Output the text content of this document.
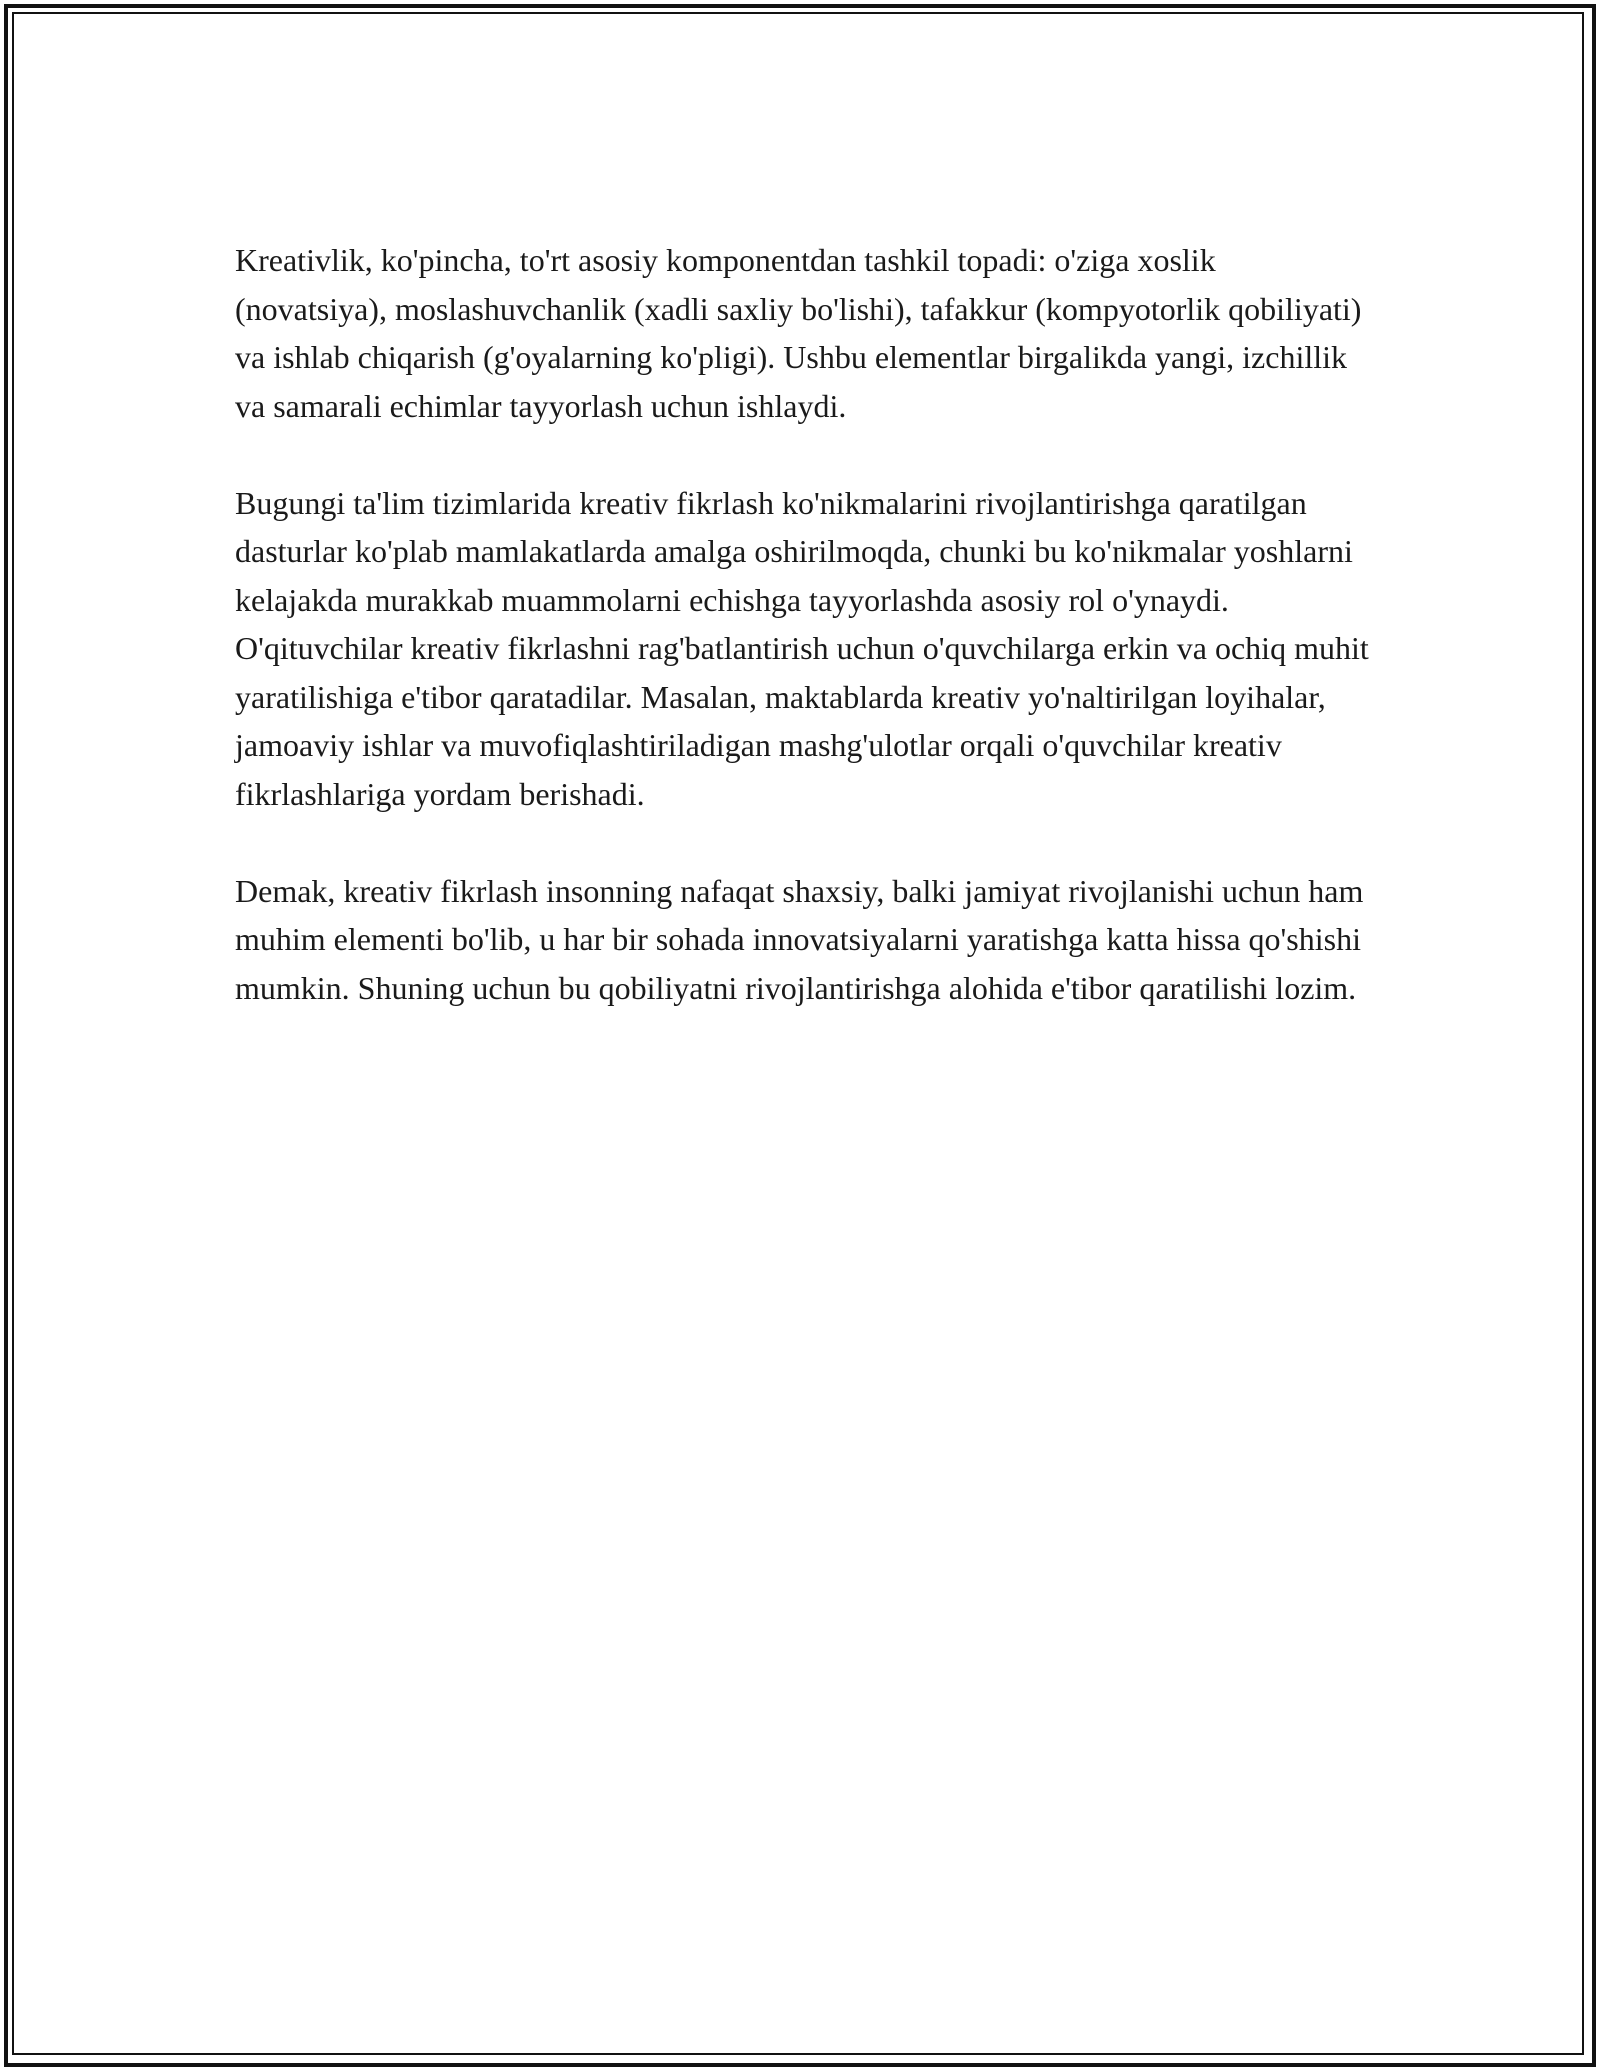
Kreativlik, ko'pincha, to'rt asosiy komponentdan tashkil topadi: o'ziga xoslik (novatsiya), moslashuvchanlik (xadli saxliy bo'lishi), tafakkur (kompyotorlik qobiliyati) va ishlab chiqarish (g'oyalarning ko'pligi). Ushbu elementlar birgalikda yangi, izchillik va samarali echimlar tayyorlash uchun ishlaydi.

Bugungi ta'lim tizimlarida kreativ fikrlash ko'nikmalarini rivojlantirishga qaratilgan dasturlar ko'plab mamlakatlarda amalga oshirilmoqda, chunki bu ko'nikmalar yoshlarni kelajakda murakkab muammolarni echishga tayyorlashda asosiy rol o'ynaydi. O'qituvchilar kreativ fikrlashni rag'batlantirish uchun o'quvchilarga erkin va ochiq muhit yaratilishiga e'tibor qaratadilar. Masalan, maktablarda kreativ yo'naltirilgan loyihalar, jamoaviy ishlar va muvofiqlashtiriladigan mashg'ulotlar orqali o'quvchilar kreativ fikrlashlariga yordam berishadi.

Demak, kreativ fikrlash insonning nafaqat shaxsiy, balki jamiyat rivojlanishi uchun ham muhim elementi bo'lib, u har bir sohada innovatsiyalarni yaratishga katta hissa qo'shishi mumkin. Shuning uchun bu qobiliyatni rivojlantirishga alohida e'tibor qaratilishi lozim.
